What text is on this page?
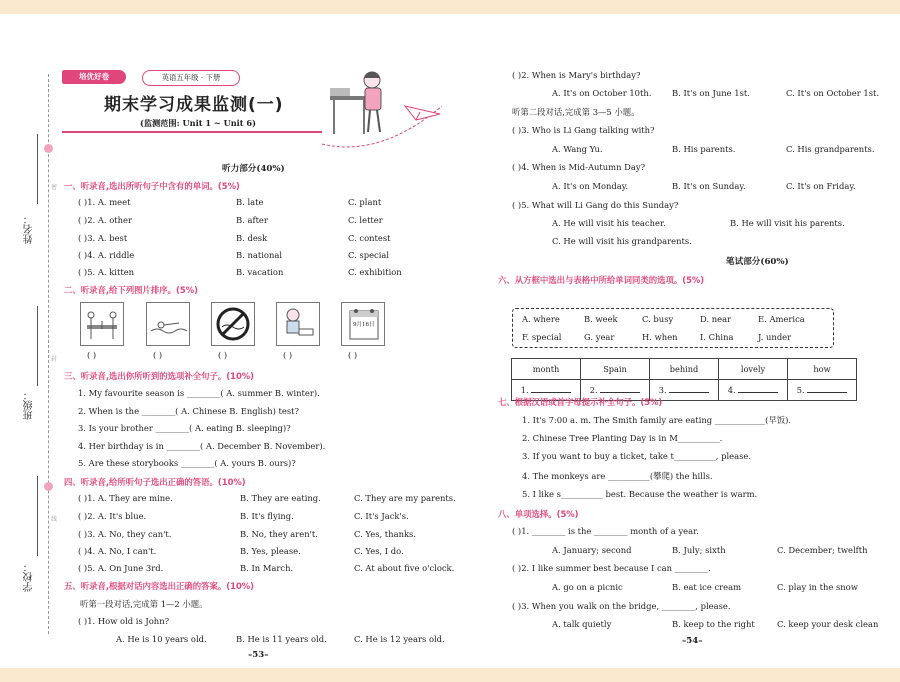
姓名：
班级：
学校：
密
封
线
培优好卷	英语五年级 · 下册
期末学习成果监测(一)
(监测范围: Unit 1 ~ Unit 6)
听力部分(40%)
一、听录音,选出所听句子中含有的单词。(5%)
( )1. A. meet	B. late	C. plant
( )2. A. other	B. after	C. letter
( )3. A. best	B. desk	C. contest
( )4. A. riddle	B. national	C. special
( )5. A. kitten	B. vacation	C. exhibition
二、听录音,给下列图片排序。(5%)
9月16日
( )	( )	( )	( )	( )
三、听录音,选出你所听到的选项补全句子。(10%)
1. My favourite season is ________( A. summer B. winter).
2. When is the ________( A. Chinese B. English) test?
3. Is your brother ________( A. eating B. sleeping)?
4. Her birthday is in ________( A. December B. November).
5. Are these storybooks ________( A. yours B. ours)?
四、听录音,给所听句子选出正确的答语。(10%)
( )1. A. They are mine.	B. They are eating.	C. They are my parents.
( )2. A. It's blue.	B. It's flying.	C. It's Jack's.
( )3. A. No, they can't.	B. No, they aren't.	C. Yes, thanks.
( )4. A. No, I can't.	B. Yes, please.	C. Yes, I do.
( )5. A. On June 3rd.	B. In March.	C. At about five o'clock.
五、听录音,根据对话内容选出正确的答案。(10%)
听第一段对话,完成第 1—2 小题。
( )1. How old is John?
A. He is 10 years old.	B. He is 11 years old.	C. He is 12 years old.
–53–
( )2. When is Mary's birthday?
A. It's on October 10th. B. It's on June 1st.	C. It's on October 1st.
听第二段对话,完成第 3—5 小题。
( )3. Who is Li Gang talking with?
A. Wang Yu.	B. His parents.	C. His grandparents.
( )4. When is Mid-Autumn Day?
A. It's on Monday.	B. It's on Sunday.	C. It's on Friday.
( )5. What will Li Gang do this Sunday?
A. He will visit his teacher.	B. He will visit his parents.
C. He will visit his grandparents.
笔试部分(60%)
六、从方框中选出与表格中所给单词同类的选项。(5%)
A. where	B. week	C. busy	D. near	E. America
F. special	G. year	H. when	I. China	J. under
month	Spain	behind	lovely	how
1.	2.	3.	4.	5.
七、根据汉语或首字母提示补全句子。(5%)
1. It's 7:00 a. m. The Smith family are eating ____________(早饭).
2. Chinese Tree Planting Day is in M__________.
3. If you want to buy a ticket, take t__________, please.
4. The monkeys are __________(攀爬) the hills.
5. I like s__________ best. Because the weather is warm.
八、单项选择。(5%)
( )1. ________ is the ________ month of a year.
A. January; second	B. July; sixth	C. December; twelfth
( )2. I like summer best because I can ________.
A. go on a picnic	B. eat ice cream	C. play in the snow
( )3. When you walk on the bridge, ________, please.
A. talk quietly	B. keep to the right	C. keep your desk clean
–54–
